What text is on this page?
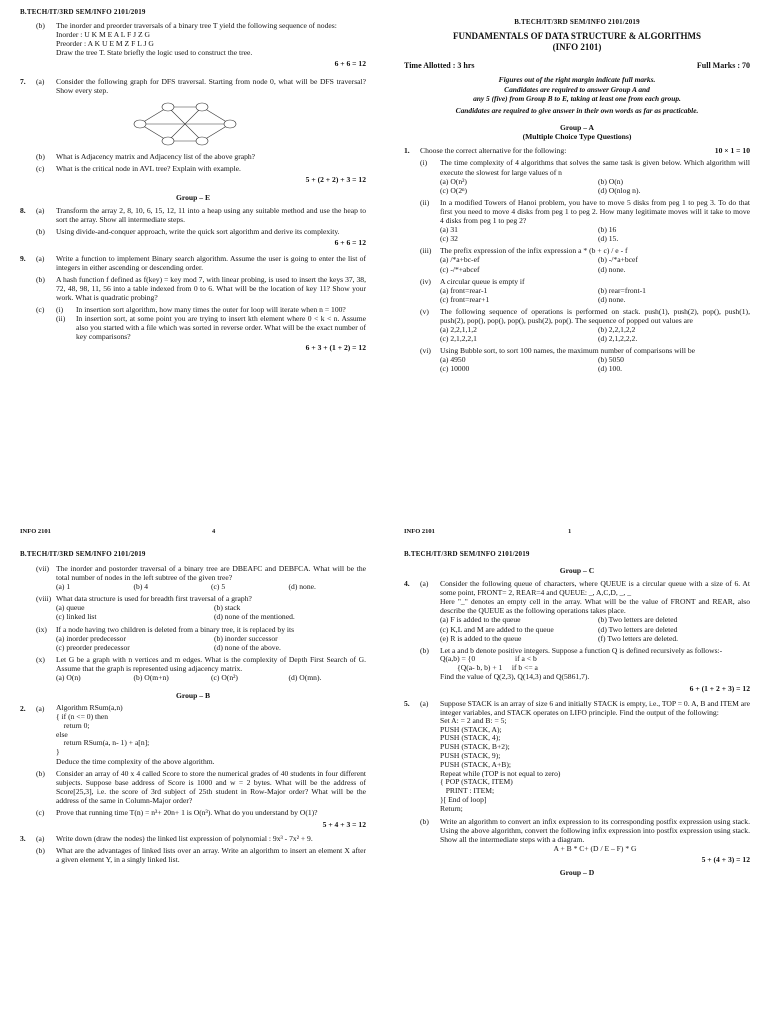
B.TECH/IT/3RD SEM/INFO 2101/2019
(b)	The inorder and preorder traversals of a binary tree T yield the following sequence of nodes:
Inorder : U K M E A L F J Z G
Preorder : A K U E M Z F L J G
Draw the tree T. State briefly the logic used to construct the tree.
6 + 6 = 12
7.	(a)	Consider the following graph for DFS traversal. Starting from node 0, what will be DFS traversal? Show every step.
(b)	What is Adjacency matrix and Adjacency list of the above graph?
(c)	What is the critical node in AVL tree? Explain with example.
5 + (2 + 2) + 3 = 12
Group – E
8.	(a)	Transform the array 2, 8, 10, 6, 15, 12, 11 into a heap using any suitable method and use the heap to sort the array. Show all intermediate steps.
(b)	Using divide-and-conquer approach, write the quick sort algorithm and derive its complexity.
6 + 6 = 12
9.	(a)	Write a function to implement Binary search algorithm. Assume the user is going to enter the list of integers in either ascending or descending order.
(b)	A hash function f defined as f(key) = key mod 7, with linear probing, is used to insert the keys 37, 38, 72, 48, 98, 11, 56 into a table indexed from 0 to 6. What will be the location of key 11? Show your work. What is quadratic probing?
(c)	(i)	In insertion sort algorithm, how many times the outer for loop will iterate when n = 100?
(ii)	In insertion sort, at some point you are trying to insert kth element where 0 < k < n. Assume also you started with a file which was sorted in reverse order. What will be the exact number of key comparisons?
6 + 3 + (1 + 2) = 12
INFO 2101	4
B.TECH/IT/3RD SEM/INFO 2101/2019
FUNDAMENTALS OF DATA STRUCTURE & ALGORITHMS
(INFO 2101)
Time Allotted : 3 hrs	Full Marks : 70
Figures out of the right margin indicate full marks.
Candidates are required to answer Group A and
any 5 (five) from Group B to E, taking at least one from each group.
Candidates are required to give answer in their own words as far as practicable.
Group – A
(Multiple Choice Type Questions)
1.	Choose the correct alternative for the following:	10 × 1 = 10
(i)	The time complexity of 4 algorithms that solves the same task is given below. Which algorithm will execute the slowest for large values of n
(a) O(n²)	(b) O(n)
(c) O(2ⁿ)	(d) O(nlog n).
(ii)	In a modified Towers of Hanoi problem, you have to move 5 disks from peg 1 to peg 3. To do that first you need to move 4 disks from peg 1 to peg 2. How many legitimate moves will it take to move 4 disks from peg 1 to peg 2?
(a) 31	(b) 16
(c) 32	(d) 15.
(iii)	The prefix expression of the infix expression a * (b + c) / e - f
(a) /*a+bc-ef	(b) -/*a+bcef
(c) -/*+abcef	(d) none.
(iv)	A circular queue is empty if
(a) front=rear-1	(b) rear=front-1
(c) front=rear+1	(d) none.
(v)	The following sequence of operations is performed on stack. push(1), push(2), pop(), push(1), push(2), pop(), pop(), pop(), push(2), pop(). The sequence of popped out values are
(a) 2,2,1,1,2	(b) 2,2,1,2,2
(c) 2,1,2,2,1	(d) 2,1,2,2,2.
(vi)	Using Bubble sort, to sort 100 names, the maximum number of comparisons will be
(a) 4950	(b) 5050
(c) 10000	(d) 100.
INFO 2101	1
B.TECH/IT/3RD SEM/INFO 2101/2019
(vii) The inorder and postorder traversal of a binary tree are DBEAFC and DEBFCA. What will be the total number of nodes in the left subtree of the given tree?
(a) 1	(b) 4	(c) 5	(d) none.
(viii) What data structure is used for breadth first traversal of a graph?
(a) queue	(b) stack
(c) linked list	(d) none of the mentioned.
(ix)	If a node having two children is deleted from a binary tree, it is replaced by its
(a) inorder predecessor	(b) inorder successor
(c) preorder predecessor	(d) none of the above.
(x)	Let G be a graph with n vertices and m edges. What is the complexity of Depth First Search of G. Assume that the graph is represented using adjacency matrix.
(a) O(n)	(b) O(m+n)	(c) O(n²)	(d) O(mn).
Group – B
2.	(a)	Algorithm RSum(a,n)
{ if (n <= 0) then
return 0;
else
return RSum(a, n- 1) + a[n];
}
Deduce the time complexity of the above algorithm.
(b)	Consider an array of 40 x 4 called Score to store the numerical grades of 40 students in four different subjects. Suppose base address of Score is 1000 and w = 2 bytes. What will be the address of Score[25,3], i.e. the score of 3rd subject of 25th student in Row-Major order? What will be the address of the same in Column-Major order?
(c)	Prove that running time T(n) = n³+ 20n+ 1 is O(n³). What do you understand by O(1)?
5 + 4 + 3 = 12
3.	(a)	Write down (draw the nodes) the linked list expression of polynomial : 9x³ - 7x² + 9.
(b)	What are the advantages of linked lists over an array. Write an algorithm to insert an element X after a given element Y, in a singly linked list.
B.TECH/IT/3RD SEM/INFO 2101/2019
Group – C
4.	(a)	Consider the following queue of characters, where QUEUE is a circular queue with a size of 6. At some point, FRONT= 2, REAR=4 and QUEUE: _, A,C,D, _, _
Here "_" denotes an empty cell in the array. What will be the value of FRONT and REAR, also describe the QUEUE as the following operations takes place.
(a) F is added to the queue	(b) Two letters are deleted
(c) K,L and M are added to the queue	(d) Two letters are deleted
(e) R is added to the queue	(f) Two letters are deleted.
(b)	Let a and b denote positive integers. Suppose a function Q is defined recursively as follows:-
Q(a,b) = {0                     if a < b
{Q(a- b, b) + 1     if b <= a
Find the value of Q(2,3), Q(14,3) and Q(5861,7).
6 + (1 + 2 + 3) = 12
5.	(a)	Suppose STACK is an array of size 6 and initially STACK is empty, i.e., TOP = 0. A, B and ITEM are integer variables, and STACK operates on LIFO principle. Find the output of the following:
Set A: = 2 and B: = 5;
PUSH (STACK, A);
PUSH (STACK, 4);
PUSH (STACK, B+2);
PUSH (STACK, 9);
PUSH (STACK, A+B);
Repeat while (TOP is not equal to zero)
{ POP (STACK, ITEM)
PRINT : ITEM;
}[ End of loop]
Return;
(b)	Write an algorithm to convert an infix expression to its corresponding postfix expression using stack. Using the above algorithm, convert the following infix expression into postfix expression using stack. Show all the intermediate steps with a diagram.
A + B * C+ (D / E – F) * G
5 + (4 + 3) = 12
Group – D
